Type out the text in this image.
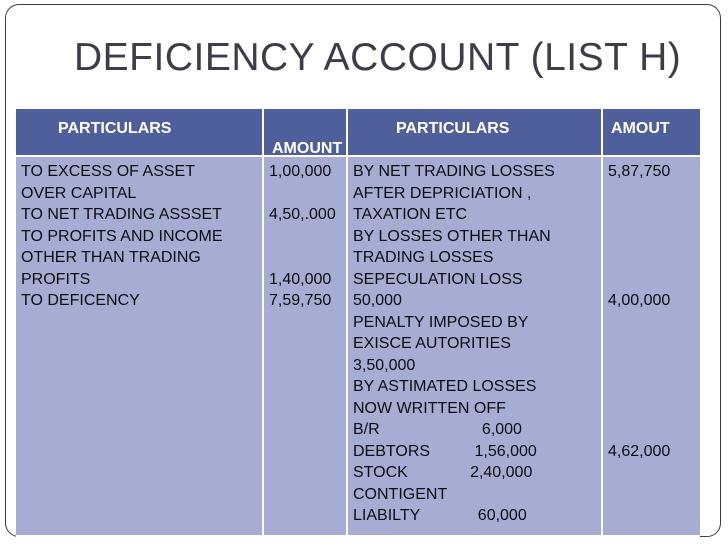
DEFICIENCY ACCOUNT (LIST H)

PARTICULARS

AMOUNT

PARTICULARS

	AMOUT

TO EXCESS OF ASSET
OVER CAPITAL
TO NET TRADING ASSSET
TO PROFITS AND INCOME
OTHER THAN TRADING
PROFITS
TO DEFICENCY
1,00,000

4,50,.000

1,40,000
7,59,750
BY NET TRADING LOSSES
AFTER DEPRICIATION ,
TAXATION ETC
BY LOSSES OTHER THAN
TRADING LOSSES
SEPECULATION LOSS
50,000
PENALTY IMPOSED BY
EXISCE AUTORITIES
3,50,000
BY ASTIMATED LOSSES
NOW WRITTEN OFF
B/R                       6,000
DEBTORS          1,56,000
STOCK              2,40,000
CONTIGENT
LIABILTY             60,000
5,87,750

4,00,000

4,62,000
